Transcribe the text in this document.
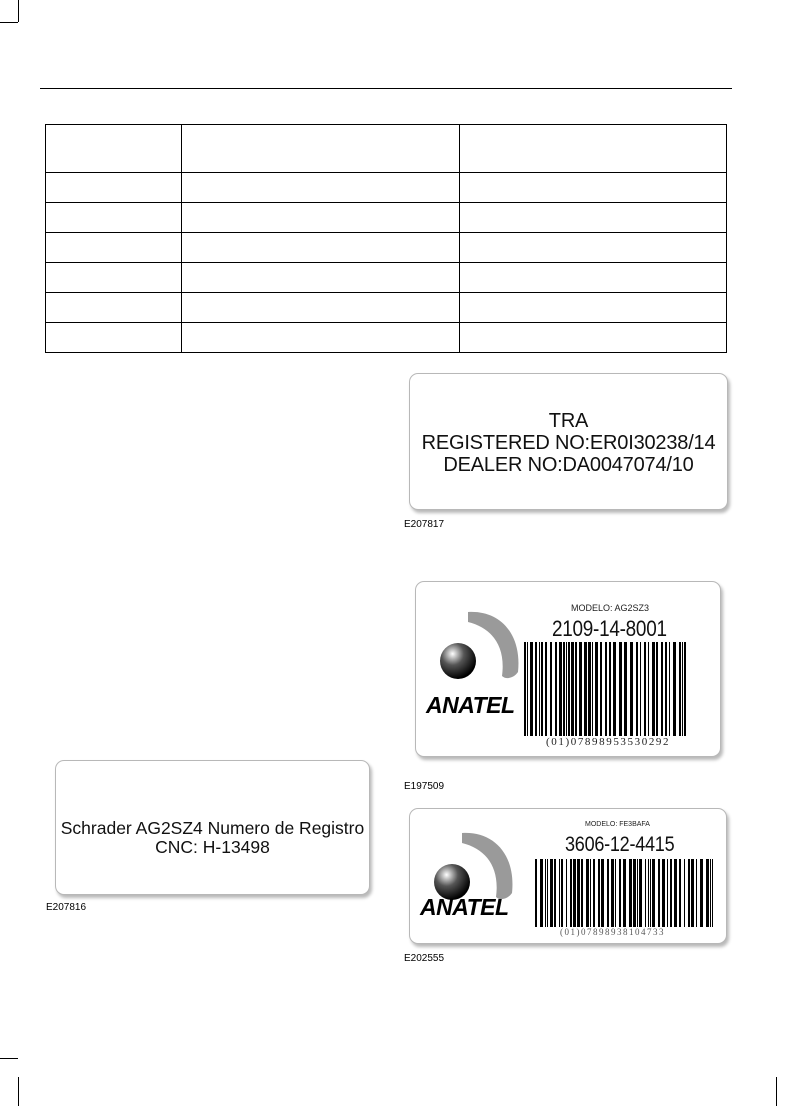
TRA
REGISTERED NO:ER0I30238/14
DEALER NO:DA0047074/10
E207817
ANATEL
MODELO: AG2SZ3
2109-14-8001
(01)07898953530292
E197509
Schrader AG2SZ4 Numero de Registro
CNC: H-13498
E207816	ANATEL
MODELO: FE3BAFA
3606-12-4415
(01)07898938104733
E202555
